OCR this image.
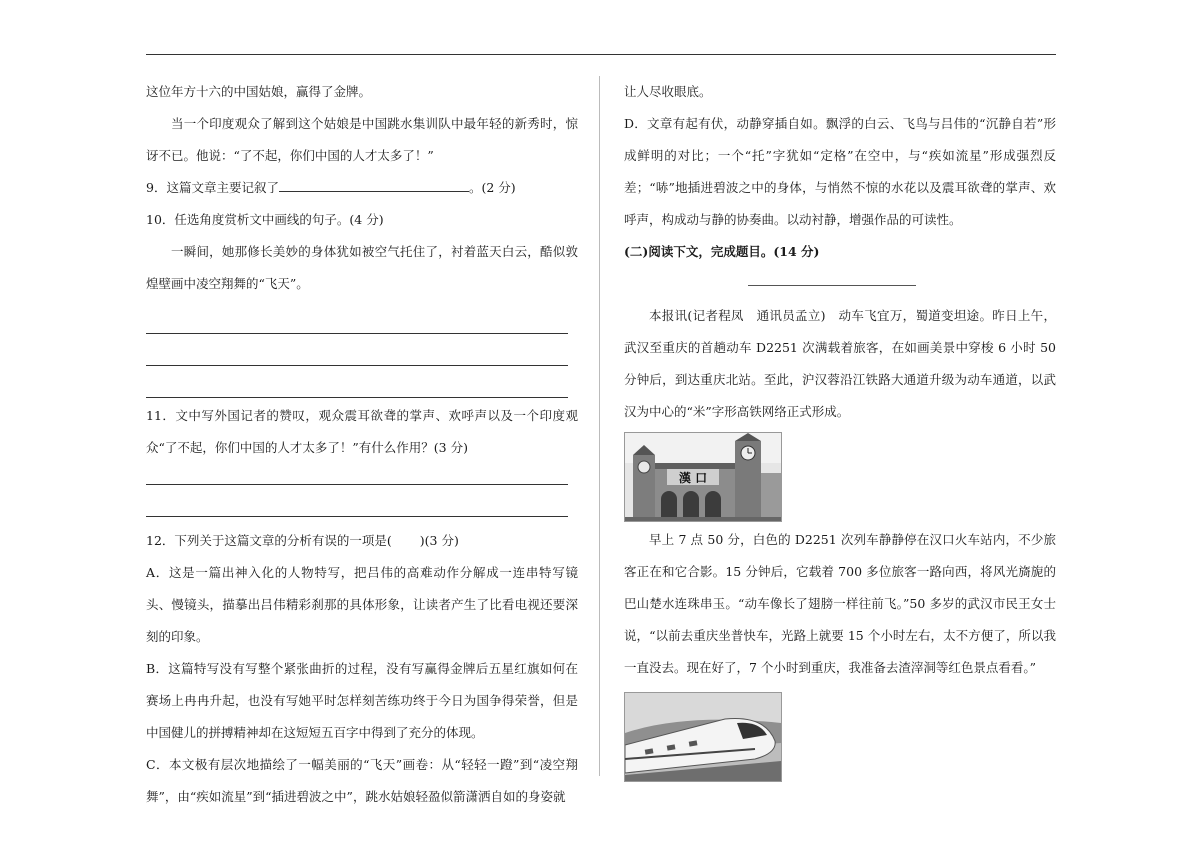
这位年方十六的中国姑娘，赢得了金牌。

当一个印度观众了解到这个姑娘是中国跳水集训队中最年轻的新秀时，惊讶不已。他说：“了不起，你们中国的人才太多了！”

9．这篇文章主要记叙了	。(2 分)

10．任选角度赏析文中画线的句子。(4 分)

一瞬间，她那修长美妙的身体犹如被空气托住了，衬着蓝天白云，酷似敦煌壁画中凌空翔舞的“飞天”。

11．文中写外国记者的赞叹，观众震耳欲聋的掌声、欢呼声以及一个印度观众“了不起，你们中国的人才太多了！”有什么作用？(3 分)

12．下列关于这篇文章的分析有误的一项是( )(3 分)

A．这是一篇出神入化的人物特写，把吕伟的高难动作分解成一连串特写镜头、慢镜头，描摹出吕伟精彩刹那的具体形象，让读者产生了比看电视还要深刻的印象。

B．这篇特写没有写整个紧张曲折的过程，没有写赢得金牌后五星红旗如何在赛场上冉冉升起，也没有写她平时怎样刻苦练功终于今日为国争得荣誉，但是中国健儿的拼搏精神却在这短短五百字中得到了充分的体现。

C．本文极有层次地描绘了一幅美丽的“飞天”画卷：从“轻轻一蹬”到“凌空翔舞”，由“疾如流星”到“插进碧波之中”，跳水姑娘轻盈似箭潇洒自如的身姿就

让人尽收眼底。

D．文章有起有伏，动静穿插自如。飘浮的白云、飞鸟与吕伟的“沉静自若”形成鲜明的对比；一个“托”字犹如“定格”在空中，与“疾如流星”形成强烈反差；“哧”地插进碧波之中的身体，与悄然不惊的水花以及震耳欲聋的掌声、欢呼声，构成动与静的协奏曲。以动衬静，增强作品的可读性。

(二)阅读下文，完成题目。(14 分)

本报讯(记者程凤　通讯员孟立)　动车飞宜万，蜀道变坦途。昨日上午，武汉至重庆的首趟动车 D2251 次满载着旅客，在如画美景中穿梭 6 小时 50 分钟后，到达重庆北站。至此，沪汉蓉沿江铁路大通道升级为动车通道，以武汉为中心的“米”字形高铁网络正式形成。

漢 口

早上 7 点 50 分，白色的 D2251 次列车静静停在汉口火车站内，不少旅客正在和它合影。15 分钟后，它载着 700 多位旅客一路向西，将风光旖旎的巴山楚水连珠串玉。“动车像长了翅膀一样往前飞。”50 多岁的武汉市民王女士说，“以前去重庆坐普快车，光路上就要 15 个小时左右，太不方便了，所以我一直没去。现在好了，7 个小时到重庆，我准备去渣滓洞等红色景点看看。”
